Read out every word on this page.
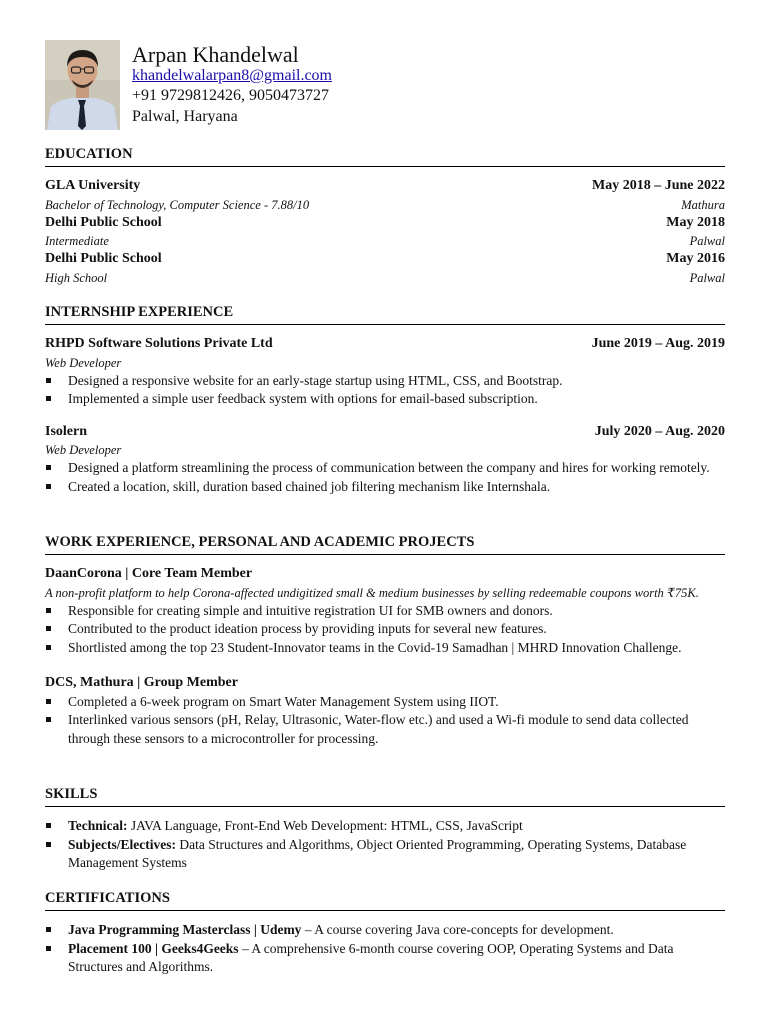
Arpan Khandelwal
khandelwalarpan8@gmail.com
+91 9729812426, 9050473727
Palwal, Haryana
EDUCATION
GLA University	May 2018 – June 2022
Bachelor of Technology, Computer Science - 7.88/10	Mathura
Delhi Public School	May 2018
Intermediate	Palwal
Delhi Public School	May 2016
High School	Palwal
INTERNSHIP EXPERIENCE
RHPD Software Solutions Private Ltd	June 2019 – Aug. 2019
Web Developer
Designed a responsive website for an early-stage startup using HTML, CSS, and Bootstrap.
Implemented a simple user feedback system with options for email-based subscription.
Isolern	July 2020 – Aug. 2020
Web Developer
Designed a platform streamlining the process of communication between the company and hires for working remotely.
Created a location, skill, duration based chained job filtering mechanism like Internshala.
WORK EXPERIENCE, PERSONAL AND ACADEMIC PROJECTS
DaanCorona | Core Team Member
A non-profit platform to help Corona-affected undigitized small & medium businesses by selling redeemable coupons worth ₹75K.
Responsible for creating simple and intuitive registration UI for SMB owners and donors.
Contributed to the product ideation process by providing inputs for several new features.
Shortlisted among the top 23 Student-Innovator teams in the Covid-19 Samadhan | MHRD Innovation Challenge.
DCS, Mathura | Group Member
Completed a 6-week program on Smart Water Management System using IIOT.
Interlinked various sensors (pH, Relay, Ultrasonic, Water-flow etc.) and used a Wi-fi module to send data collected through these sensors to a microcontroller for processing.
SKILLS
Technical: JAVA Language, Front-End Web Development: HTML, CSS, JavaScript
Subjects/Electives: Data Structures and Algorithms, Object Oriented Programming, Operating Systems, Database Management Systems
CERTIFICATIONS
Java Programming Masterclass | Udemy – A course covering Java core-concepts for development.
Placement 100 | Geeks4Geeks – A comprehensive 6-month course covering OOP, Operating Systems and Data Structures and Algorithms.
